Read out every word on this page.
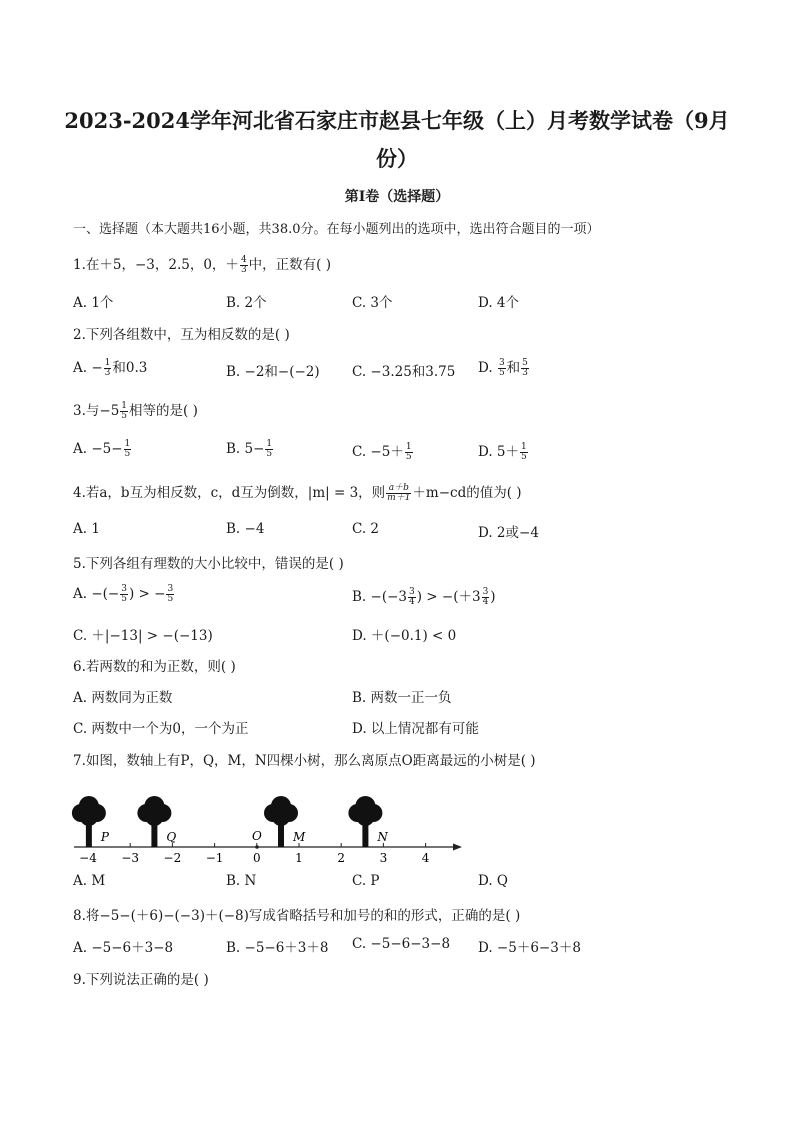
2023-2024学年河北省石家庄市赵县七年级（上）月考数学试卷（9月
份）
第I卷（选择题）
一、选择题（本大题共16小题，共38.0分。在每小题列出的选项中，选出符合题目的一项）
1.在＋5，−3，2.5，0，＋ $\frac{4}{3}$ 中，正数有( )
A. 1个	B. 2个	C. 3个	D. 4个
2.下列各组数中，互为相反数的是( )
A. − $\frac{1}{3}$ 和0.3	B. −2和−(−2) C. −3.25和3.75 D. $\frac{3}{5}$ 和 $\frac{5}{3}$
3.与$-5 \frac{1}{5}$ 相等的是( )
A. $-5- \frac{1}{5}$	B. $5- \frac{1}{5}$	C. $-5+ \frac{1}{5}$	D. $5+ \frac{1}{5}$
4.若a，b互为相反数，c，d互为倒数，|m| = 3，则 $\frac{a+b}{m+1} +m-cd$的值为( )
A. 1	B. −4	C. 2	D. 2或−4
5.下列各组有理数的大小比较中，错误的是( )
A. −(− $\frac{3}{5}$ ) > − $\frac{3}{5}$	B. $-(-3 \frac{3}{4}$ ) > $-(+3 \frac{3}{4}$ )
C. ＋|−13| > −(−13)	D. ＋(−0.1) < 0
6.若两数的和为正数，则( )
A. 两数同为正数	B. 两数一正一负
C. 两数中一个为0，一个为正	D. 以上情况都有可能
7.如图，数轴上有P，Q，M，N四棵小树，那么离原点O距离最远的小树是( )
−4 −3 −2 −1 0	1	2	3	4
P	Q	M	N
O
A. M	B. N	C. P	D. Q
8.将−5−(＋6)−(−3)＋(−8)写成省略括号和加号的和的形式，正确的是( )
A. −5−6＋3−8	B. −5−6＋3＋8 C. −5−6−3−8 D. −5＋6−3＋8
9.下列说法正确的是( )
